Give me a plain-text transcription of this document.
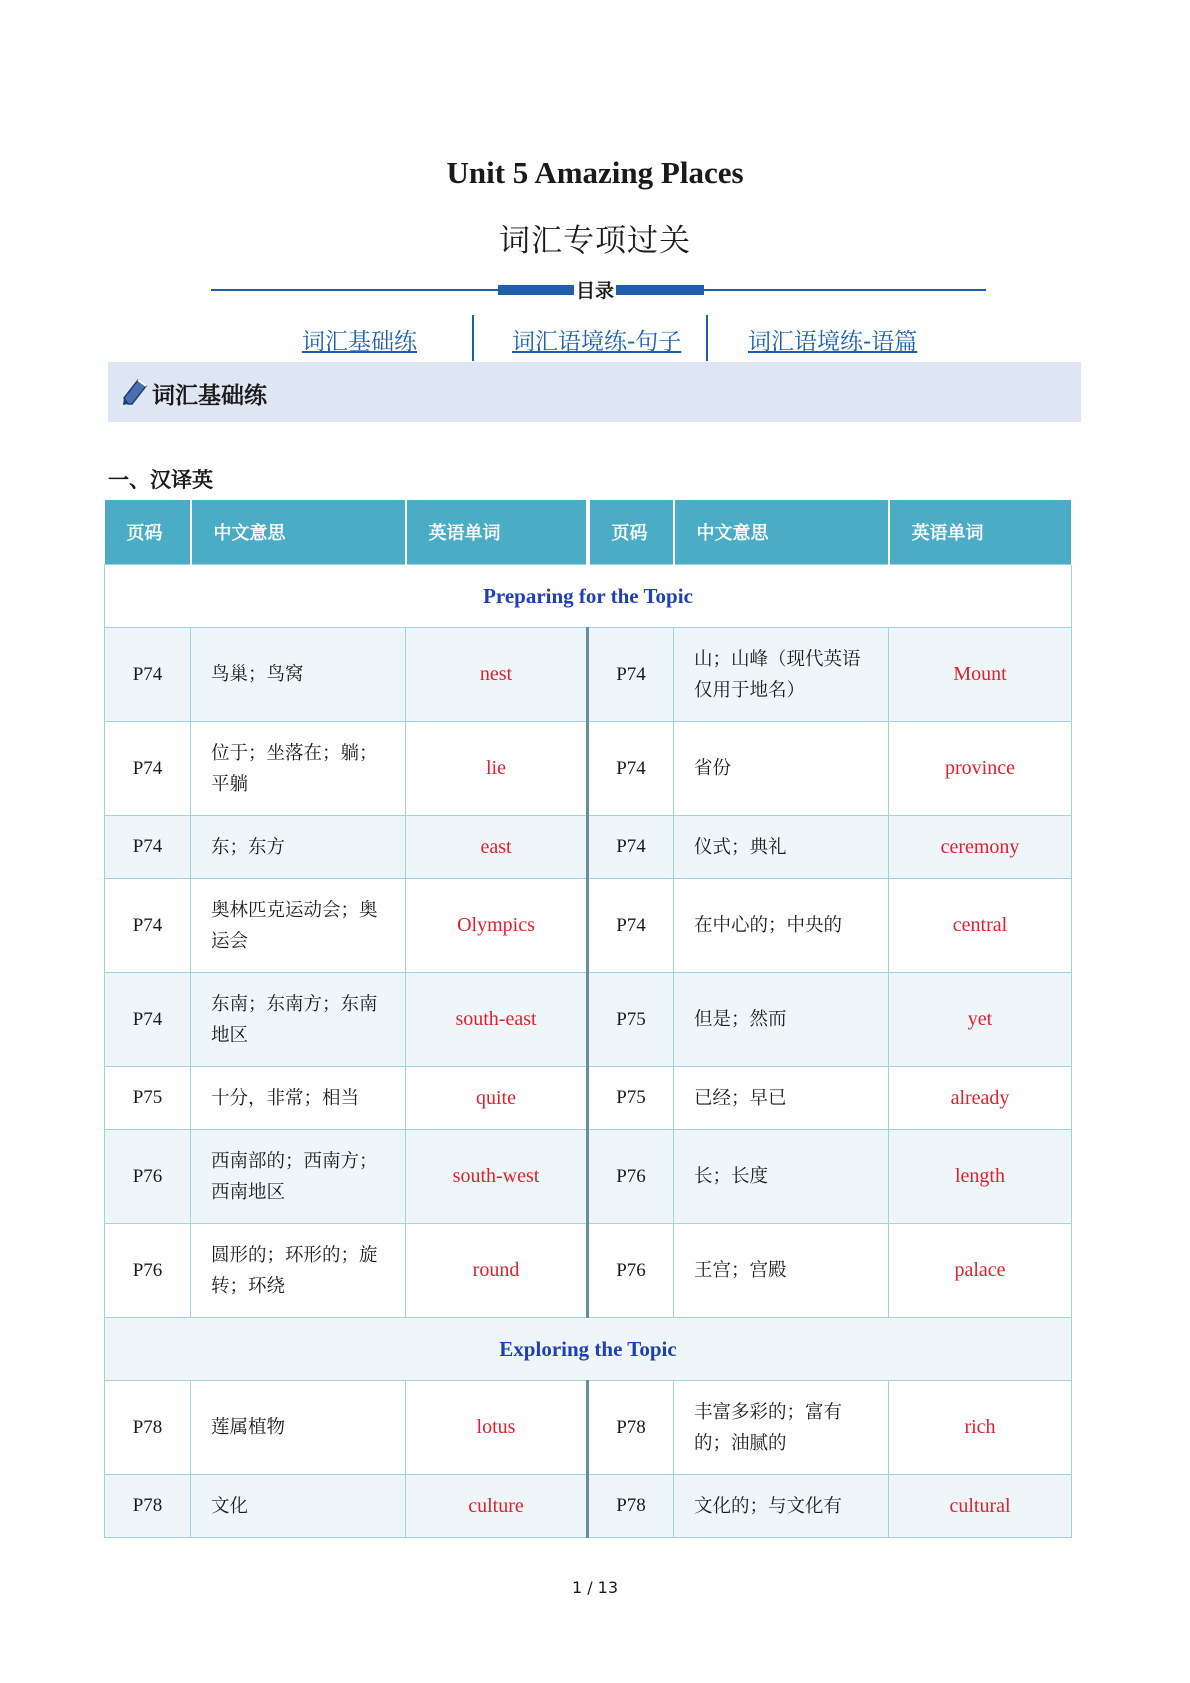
Unit 5 Amazing Places
词汇专项过关
目录
词汇基础练	词汇语境练-句子	词汇语境练-语篇
词汇基础练
一、汉译英
页码	中文意思	英语单词	页码	中文意思	英语单词
Preparing for the Topic					
P74	鸟巢；鸟窝	nest	P74	山；山峰（现代英语仅用于地名）	Mount
P74	位于；坐落在；躺；平躺	lie	P74	省份	province
P74	东；东方	east	P74	仪式；典礼	ceremony
P74	奥林匹克运动会；奥运会	Olympics	P74	在中心的；中央的	central
P74	东南；东南方；东南地区	south-east	P75	但是；然而	yet
P75	十分，非常；相当	quite	P75	已经；早已	already
P76	西南部的；西南方；西南地区	south-west	P76	长；长度	length
P76	圆形的；环形的；旋转；环绕	round	P76	王宫；宫殿	palace
Exploring the Topic					
P78	莲属植物	lotus	P78	丰富多彩的；富有的；油腻的	rich
P78	文化	culture	P78	文化的；与文化有	cultural
1 / 13
